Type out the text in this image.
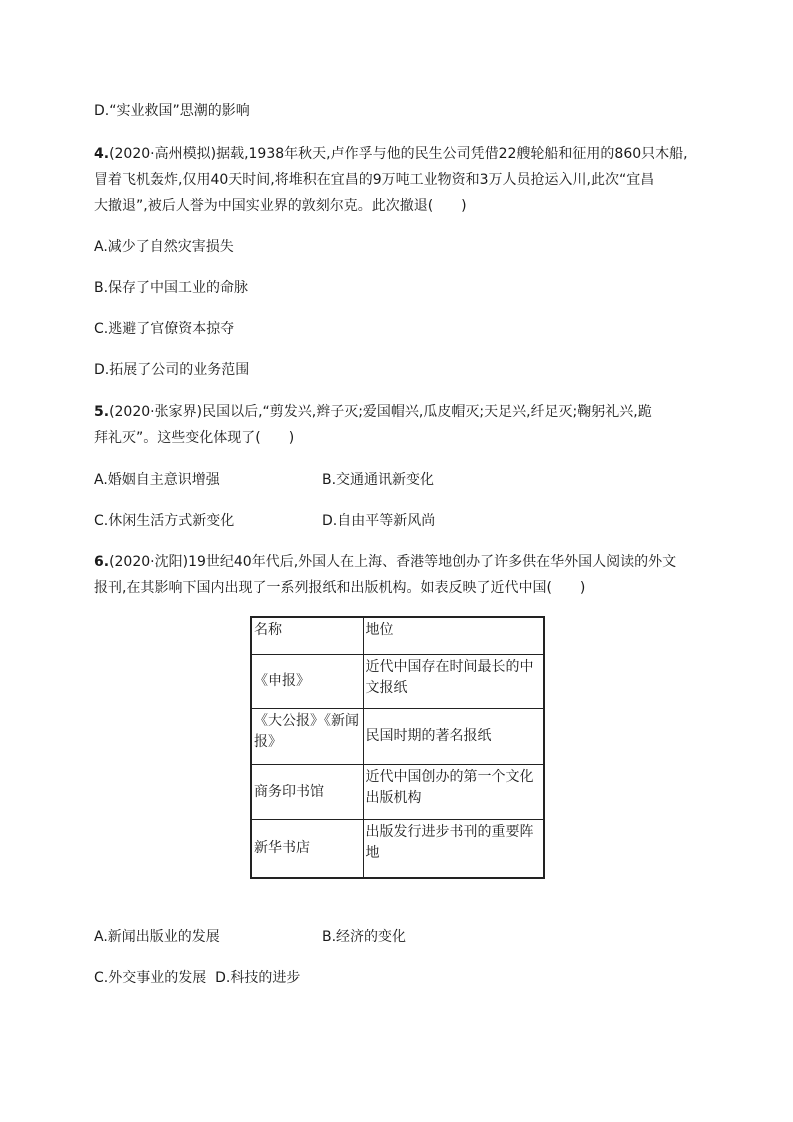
D.“实业救国”思潮的影响
4.(2020·高州模拟)据载,1938年秋天,卢作孚与他的民生公司凭借22艘轮船和征用的860只木船,
冒着飞机轰炸,仅用40天时间,将堆积在宜昌的9万吨工业物资和3万人员抢运入川,此次“宜昌
大撤退”,被后人誉为中国实业界的敦刻尔克。此次撤退(　　)
A.减少了自然灾害损失
B.保存了中国工业的命脉
C.逃避了官僚资本掠夺
D.拓展了公司的业务范围
5.(2020·张家界)民国以后,“剪发兴,辫子灭;爱国帽兴,瓜皮帽灭;天足兴,纤足灭;鞠躬礼兴,跪
拜礼灭”。这些变化体现了(　　)
A.婚姻自主意识增强	B.交通通讯新变化
C.休闲生活方式新变化	D.自由平等新风尚
6.(2020·沈阳)19世纪40年代后,外国人在上海、香港等地创办了许多供在华外国人阅读的外文
报刊,在其影响下国内出现了一系列报纸和出版机构。如表反映了近代中国(　　)
名称	地位
《申报》	近代中国存在时间最长的中文报纸
《大公报》《新闻报》	民国时期的著名报纸
商务印书馆	近代中国创办的第一个文化出版机构
新华书店	出版发行进步书刊的重要阵地
A.新闻出版业的发展	B.经济的变化
C.外交事业的发展 D.科技的进步
